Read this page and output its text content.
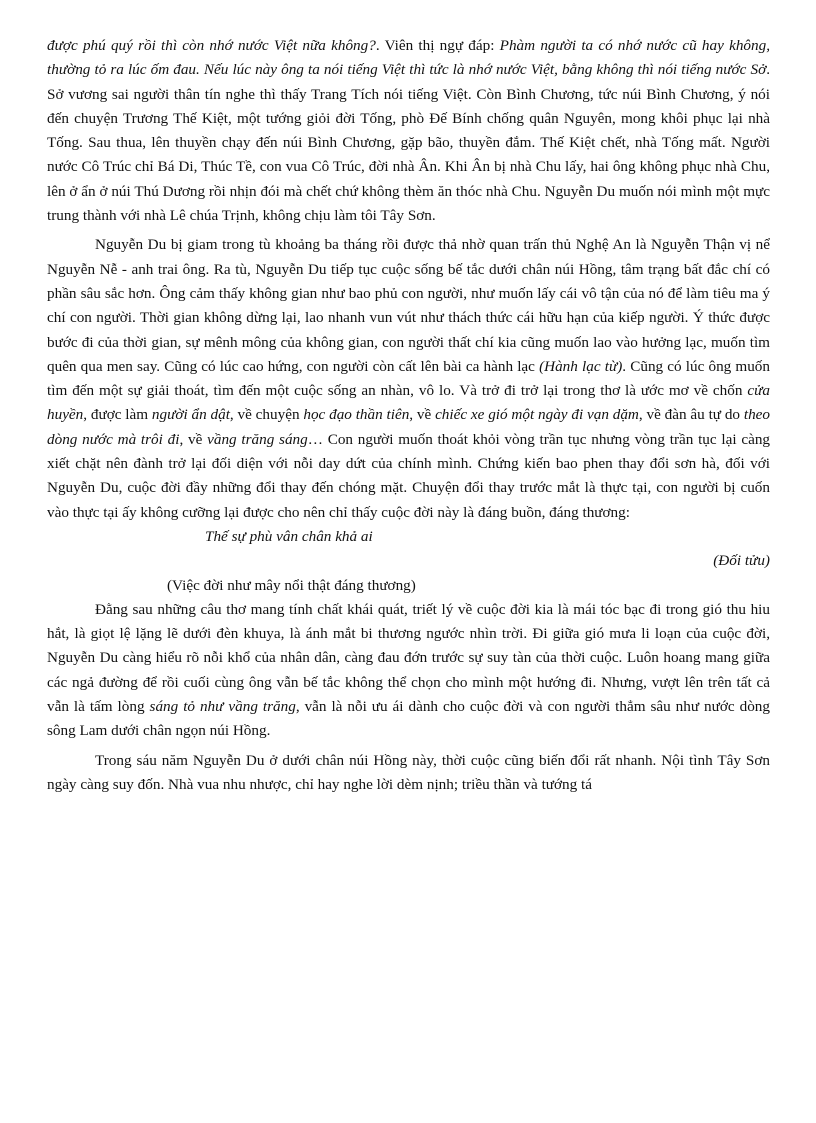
được phú quý rồi thì còn nhớ nước Việt nữa không?. Viên thị ngự đáp: Phàm người ta có nhớ nước cũ hay không, thường tỏ ra lúc ốm đau. Nếu lúc này ông ta nói tiếng Việt thì tức là nhớ nước Việt, bằng không thì nói tiếng nước Sở. Sở vương sai người thân tín nghe thì thấy Trang Tích nói tiếng Việt. Còn Bình Chương, tức núi Bình Chương, ý nói đến chuyện Trương Thế Kiệt, một tướng giỏi đời Tống, phò Đế Bính chống quân Nguyên, mong khôi phục lại nhà Tống. Sau thua, lên thuyền chạy đến núi Bình Chương, gặp bão, thuyền đắm. Thế Kiệt chết, nhà Tống mất. Người nước Cô Trúc chỉ Bá Di, Thúc Tề, con vua Cô Trúc, đời nhà Ân. Khi Ân bị nhà Chu lấy, hai ông không phục nhà Chu, lên ở ẩn ở núi Thú Dương rồi nhịn đói mà chết chứ không thèm ăn thóc nhà Chu. Nguyễn Du muốn nói mình một mực trung thành với nhà Lê chúa Trịnh, không chịu làm tôi Tây Sơn.

Nguyễn Du bị giam trong tù khoảng ba tháng rồi được thả nhờ quan trấn thủ Nghệ An là Nguyễn Thận vị nể Nguyễn Nễ - anh trai ông. Ra tù, Nguyễn Du tiếp tục cuộc sống bế tắc dưới chân núi Hồng, tâm trạng bất đắc chí có phần sâu sắc hơn. Ông cảm thấy không gian như bao phủ con người, như muốn lấy cái vô tận của nó để làm tiêu ma ý chí con người. Thời gian không dừng lại, lao nhanh vun vút như thách thức cái hữu hạn của kiếp người. Ý thức được bước đi của thời gian, sự mênh mông của không gian, con người thất chí kia cũng muốn lao vào hưởng lạc, muốn tìm quên qua men say. Cũng có lúc cao hứng, con người còn cất lên bài ca hành lạc (Hành lạc từ). Cũng có lúc ông muốn tìm đến một sự giải thoát, tìm đến một cuộc sống an nhàn, vô lo. Và trở đi trở lại trong thơ là ước mơ về chốn cửa huyền, được làm người ẩn dật, về chuyện học đạo thần tiên, về chiếc xe gió một ngày đi vạn dặm, về đàn âu tự do theo dòng nước mà trôi đi, về vầng trăng sáng… Con người muốn thoát khỏi vòng trần tục nhưng vòng trần tục lại càng xiết chặt nên đành trở lại đối diện với nỗi day dứt của chính mình. Chứng kiến bao phen thay đổi sơn hà, đối với Nguyễn Du, cuộc đời đầy những đổi thay đến chóng mặt. Chuyện đổi thay trước mắt là thực tại, con người bị cuốn vào thực tại ấy không cưỡng lại được cho nên chỉ thấy cuộc đời này là đáng buồn, đáng thương:

Thế sự phù vân chân khả ai

(Đối tửu)

(Việc đời như mây nổi thật đáng thương)

Đằng sau những câu thơ mang tính chất khái quát, triết lý về cuộc đời kia là mái tóc bạc đi trong gió thu hiu hắt, là giọt lệ lặng lẽ dưới đèn khuya, là ánh mắt bi thương ngước nhìn trời. Đi giữa gió mưa li loạn của cuộc đời, Nguyễn Du càng hiểu rõ nỗi khổ của nhân dân, càng đau đớn trước sự suy tàn của thời cuộc. Luôn hoang mang giữa các ngả đường để rồi cuối cùng ông vẫn bế tắc không thể chọn cho mình một hướng đi. Nhưng, vượt lên trên tất cả vẫn là tấm lòng sáng tỏ như vầng trăng, vẫn là nỗi ưu ái dành cho cuộc đời và con người thẳm sâu như nước dòng sông Lam dưới chân ngọn núi Hồng.

Trong sáu năm Nguyễn Du ở dưới chân núi Hồng này, thời cuộc cũng biến đổi rất nhanh. Nội tình Tây Sơn ngày càng suy đốn. Nhà vua nhu nhược, chỉ hay nghe lời dèm nịnh; triều thần và tướng tá
